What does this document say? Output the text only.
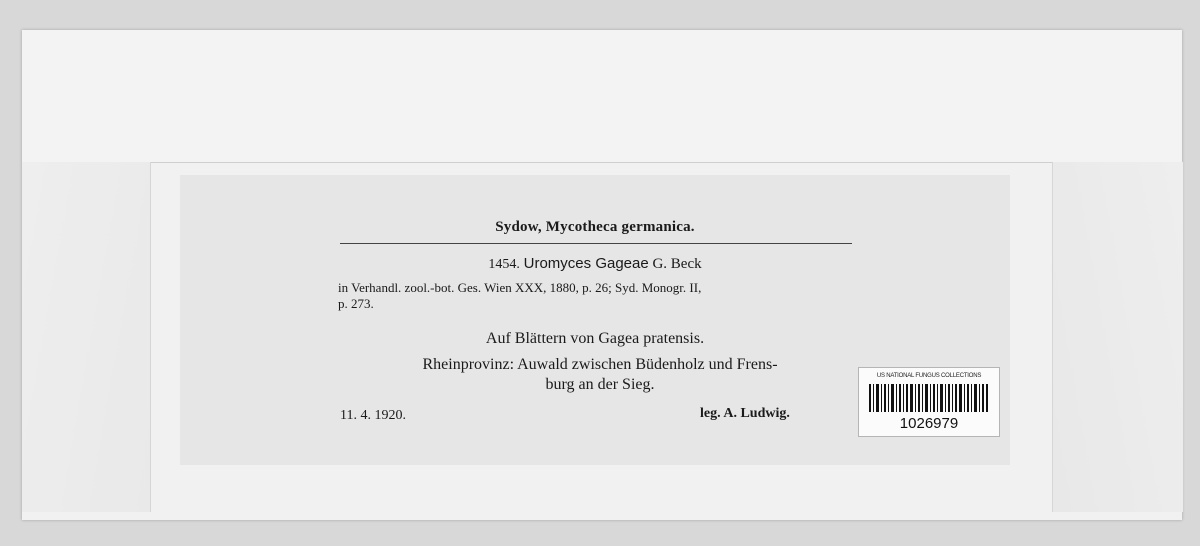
Sydow, Mycotheca germanica.
1454. Uromyces Gageae G. Beck
in Verhandl. zool.-bot. Ges. Wien XXX, 1880, p. 26; Syd. Monogr. II,
p. 273.
Auf Blättern von Gagea pratensis.
Rheinprovinz: Auwald zwischen Büdenholz und Frens-
burg an der Sieg.
11. 4. 1920.	leg. A. Ludwig.
US NATIONAL FUNGUS COLLECTIONS
1026979
